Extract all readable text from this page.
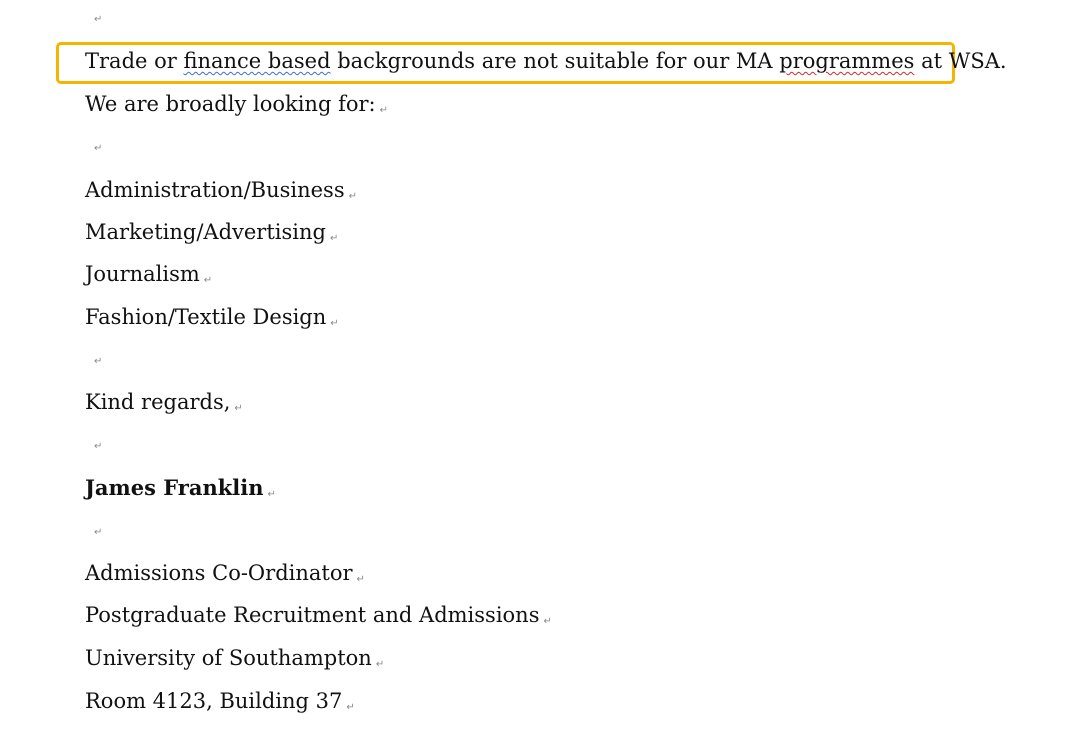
↵
Trade or finance based backgrounds are not suitable for our MA programmes at WSA.
We are broadly looking for: ↵
↵
Administration/Business ↵
Marketing/Advertising ↵
Journalism ↵
Fashion/Textile Design ↵
↵
Kind regards, ↵
↵
James Franklin ↵
↵
Admissions Co-Ordinator ↵
Postgraduate Recruitment and Admissions ↵
University of Southampton ↵
Room 4123, Building 37 ↵
